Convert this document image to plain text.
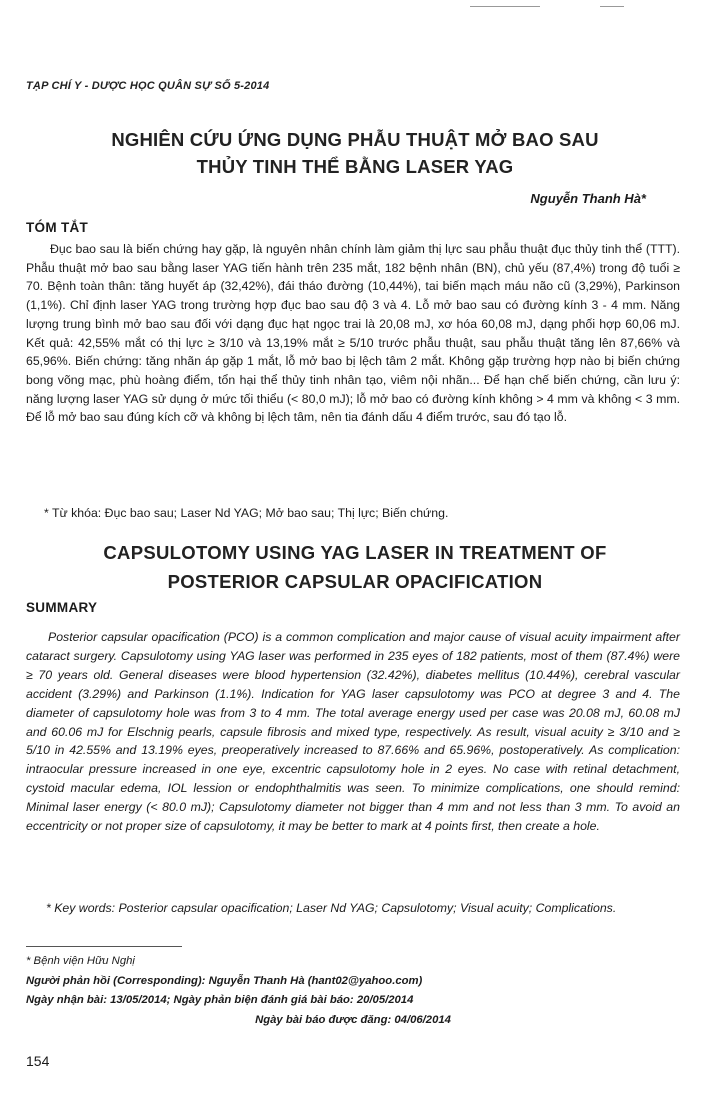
TẠP CHÍ Y - DƯỢC HỌC QUÂN SỰ SỐ 5-2014
NGHIÊN CỨU ỨNG DỤNG PHẪU THUẬT MỞ BAO SAU
THỦY TINH THỂ BẰNG LASER YAG
Nguyễn Thanh Hà*
TÓM TẮT

Đục bao sau là biến chứng hay gặp, là nguyên nhân chính làm giảm thị lực sau phẫu thuật đục thủy tinh thể (TTT). Phẫu thuật mở bao sau bằng laser YAG tiến hành trên 235 mắt, 182 bệnh nhân (BN), chủ yếu (87,4%) trong độ tuổi ≥ 70. Bệnh toàn thân: tăng huyết áp (32,42%), đái tháo đường (10,44%), tai biến mạch máu não cũ (3,29%), Parkinson (1,1%). Chỉ định laser YAG trong trường hợp đục bao sau độ 3 và 4. Lỗ mở bao sau có đường kính 3 - 4 mm. Năng lượng trung bình mở bao sau đối với dạng đục hạt ngọc trai là 20,08 mJ, xơ hóa 60,08 mJ, dạng phối hợp 60,06 mJ. Kết quả: 42,55% mắt có thị lực ≥ 3/10 và 13,19% mắt ≥ 5/10 trước phẫu thuật, sau phẫu thuật tăng lên 87,66% và 65,96%. Biến chứng: tăng nhãn áp gặp 1 mắt, lỗ mở bao bị lệch tâm 2 mắt. Không gặp trường hợp nào bị biến chứng bong võng mạc, phù hoàng điểm, tổn hại thể thủy tinh nhân tạo, viêm nội nhãn... Để hạn chế biến chứng, cần lưu ý: năng lượng laser YAG sử dụng ở mức tối thiểu (< 80,0 mJ); lỗ mở bao có đường kính không > 4 mm và không < 3 mm. Để lỗ mở bao sau đúng kích cỡ và không bị lệch tâm, nên tia đánh dấu 4 điểm trước, sau đó tạo lỗ.

* Từ khóa: Đục bao sau; Laser Nd YAG; Mở bao sau; Thị lực; Biến chứng.
CAPSULOTOMY USING YAG LASER IN TREATMENT OF
POSTERIOR CAPSULAR OPACIFICATION
SUMMARY

Posterior capsular opacification (PCO) is a common complication and major cause of visual acuity impairment after cataract surgery. Capsulotomy using YAG laser was performed in 235 eyes of 182 patients, most of them (87.4%) were ≥ 70 years old. General diseases were blood hypertension (32.42%), diabetes mellitus (10.44%), cerebral vascular accident (3.29%) and Parkinson (1.1%). Indication for YAG laser capsulotomy was PCO at degree 3 and 4. The diameter of capsulotomy hole was from 3 to 4 mm. The total average energy used per case was 20.08 mJ, 60.08 mJ and 60.06 mJ for Elschnig pearls, capsule fibrosis and mixed type, respectively. As result, visual acuity ≥ 3/10 and ≥ 5/10 in 42.55% and 13.19% eyes, preoperatively increased to 87.66% and 65.96%, postoperatively. As complication: intraocular pressure increased in one eye, excentric capsulotomy hole in 2 eyes. No case with retinal detachment, cystoid macular edema, IOL lession or endophthalmitis was seen. To minimize complications, one should remind: Minimal laser energy (< 80.0 mJ); Capsulotomy diameter not bigger than 4 mm and not less than 3 mm. To avoid an eccentricity or not proper size of capsulotomy, it may be better to mark at 4 points first, then create a hole.

* Key words: Posterior capsular opacification; Laser Nd YAG; Capsulotomy; Visual acuity; Complications.

* Bệnh viện Hữu Nghị
Người phản hồi (Corresponding): Nguyễn Thanh Hà (hant02@yahoo.com)
Ngày nhận bài: 13/05/2014; Ngày phản biện đánh giá bài báo: 20/05/2014
Ngày bài báo được đăng: 04/06/2014
154
